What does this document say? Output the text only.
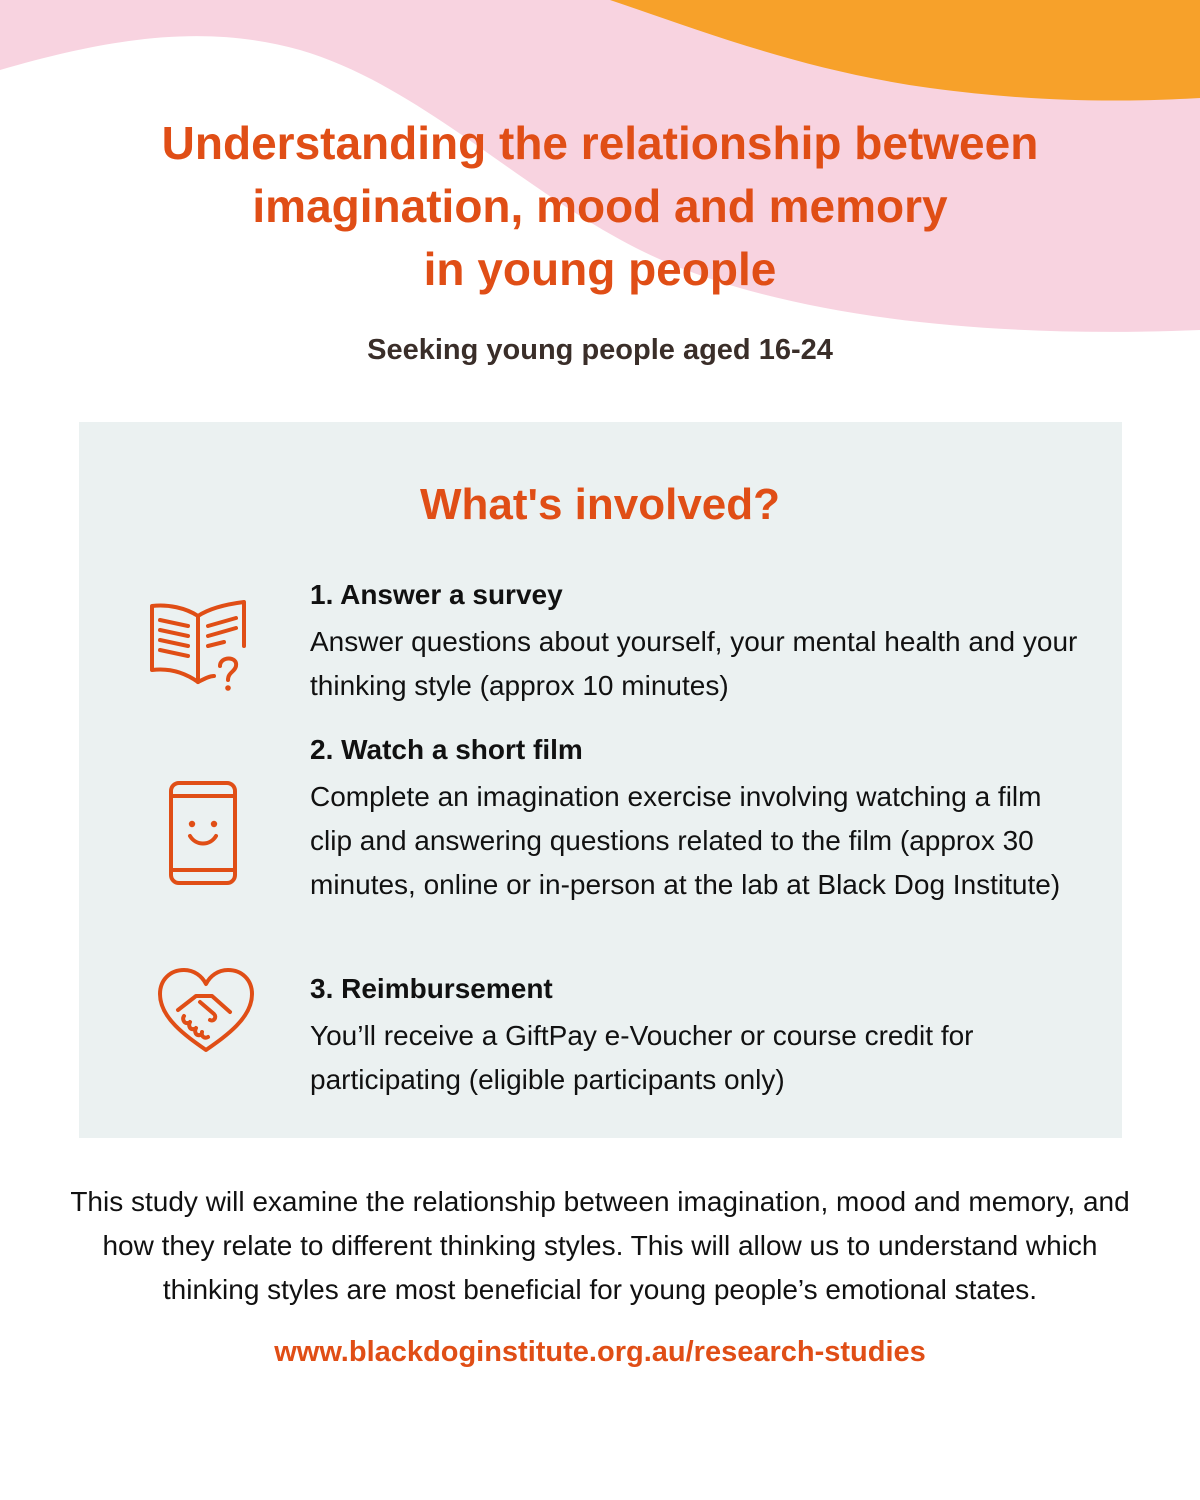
Understanding the relationship between
imagination, mood and memory
in young people

Seeking young people aged 16-24

What's involved?

1. Answer a survey

Answer questions about yourself, your mental health and your thinking style (approx 10 minutes)

2. Watch a short film

Complete an imagination exercise involving watching a film clip and answering questions related to the film (approx 30 minutes, online or in-person at the lab at Black Dog Institute)

3. Reimbursement

You’ll receive a GiftPay e-Voucher or course credit for participating (eligible participants only)

This study will examine the relationship between imagination, mood and memory, and how they relate to different thinking styles. This will allow us to understand which thinking styles are most beneficial for young people’s emotional states.

www.blackdoginstitute.org.au/research-studies
